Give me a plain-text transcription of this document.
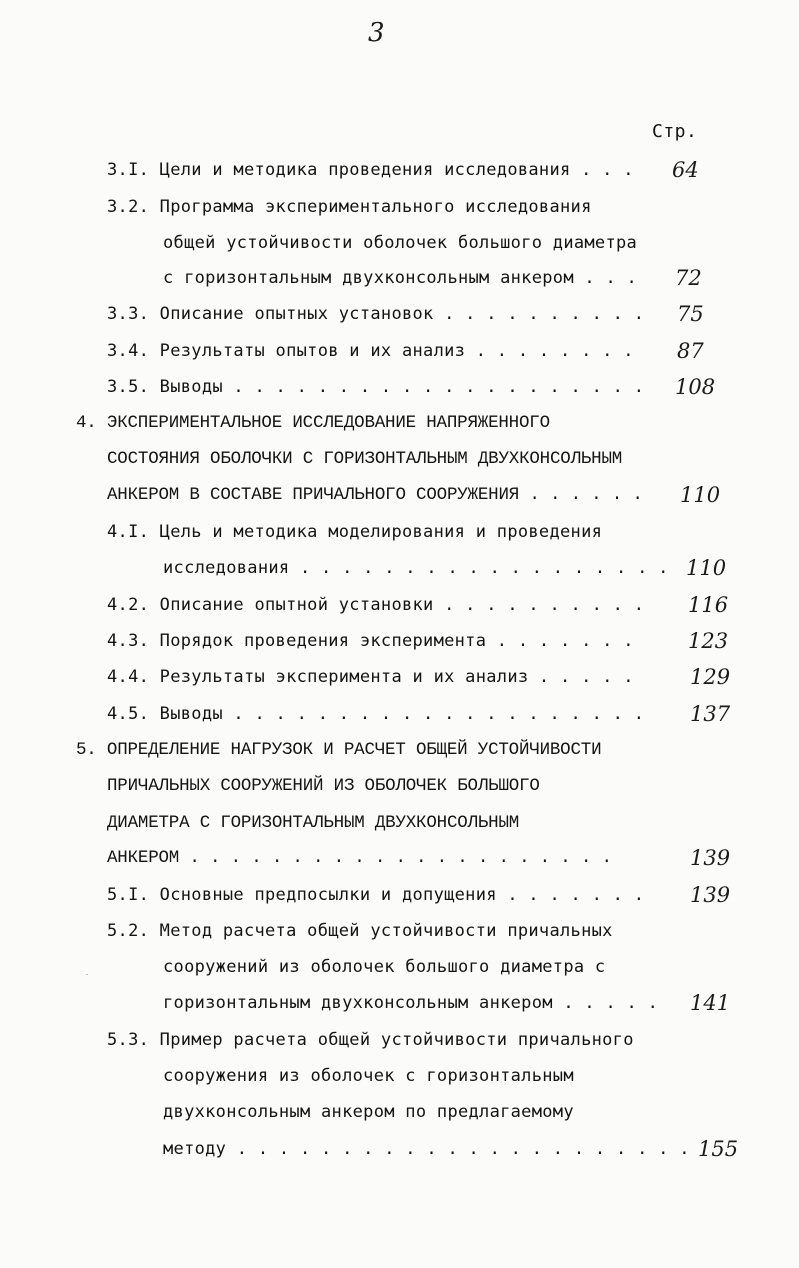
3
Стр.
3.I. Цели и методика проведения исследования . . . 64
3.2. Программа экспериментального исследования
общей устойчивости оболочек большого диаметра
с горизонтальным двухконсольным анкером . . . 72
3.3. Описание опытных установок . . . . . . . . . . 75
3.4. Результаты опытов и их анализ . . . . . . . . 87
3.5. Выводы . . . . . . . . . . . . . . . . . . . . 108
4. ЭКСПЕРИМЕНТАЛЬНОЕ ИССЛЕДОВАНИЕ НАПРЯЖЕННОГО
СОСТОЯНИЯ ОБОЛОЧКИ С ГОРИЗОНТАЛЬНЫМ ДВУХКОНСОЛЬНЫМ
АНКЕРОМ В СОСТАВЕ ПРИЧАЛЬНОГО СООРУЖЕНИЯ . . . . . . 110
4.I. Цель и методика моделирования и проведения
исследования . . . . . . . . . . . . . . . . . . 110
4.2. Описание опытной установки . . . . . . . . . . 116
4.3. Порядок проведения эксперимента . . . . . . .	123
4.4. Результаты эксперимента и их анализ . . . . .	129
4.5. Выводы . . . . . . . . . . . . . . . . . . . . 137
5. ОПРЕДЕЛЕНИЕ НАГРУЗОК И РАСЧЕТ ОБЩЕЙ УСТОЙЧИВОСТИ
ПРИЧАЛЬНЫХ СООРУЖЕНИЙ ИЗ ОБОЛОЧЕК БОЛЬШОГО
ДИАМЕТРА С ГОРИЗОНТАЛЬНЫМ ДВУХКОНСОЛЬНЫМ
АНКЕРОМ . . . . . . . . . . . . . . . . . . . . .	139
5.I. Основные предпосылки и допущения . . . . . . . 139
5.2. Метод расчета общей устойчивости причальных
сооружений из оболочек большого диаметра с
горизонтальным двухконсольным анкером . . . . . 141
5.3. Пример расчета общей устойчивости причального
сооружения из оболочек с горизонтальным
двухконсольным анкером по предлагаемому
методу . . . . . . . . . . . . . . . . . . . . . . 155
